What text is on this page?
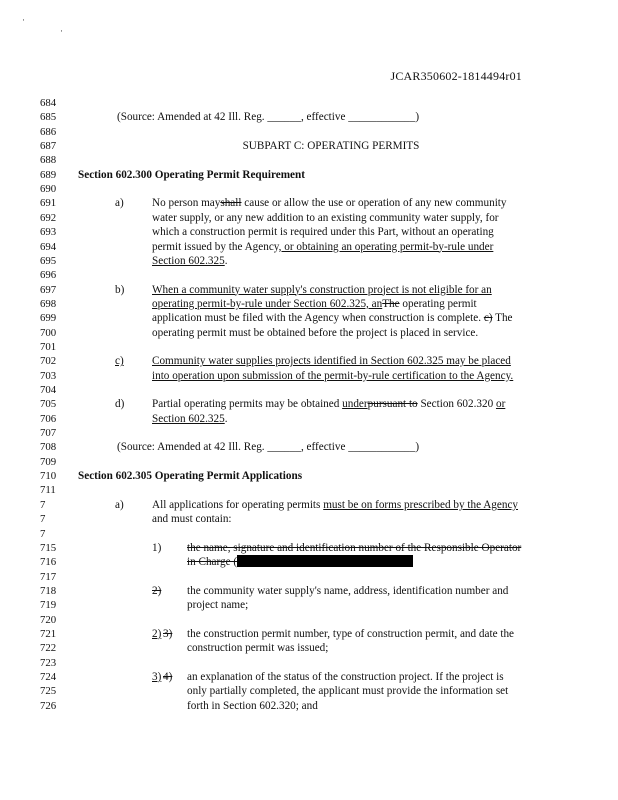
·
·
JCAR350602-1814494r01
684
685	(Source: Amended at 42 Ill. Reg. ______, effective ____________)
686
687	SUBPART C: OPERATING PERMITS
688
689	Section 602.300 Operating Permit Requirement
690
691	a)	No person mayshall cause or allow the use or operation of any new community
692	water supply, or any new addition to an existing community water supply, for
693	which a construction permit is required under this Part, without an operating
694	permit issued by the Agency, or obtaining an operating permit-by-rule under
695	Section 602.325.
696
697	b) When a community water supply's construction project is not eligible for an
698	operating permit-by-rule under Section 602.325, anThe operating permit
699	application must be filed with the Agency when construction is complete. c) The
700	operating permit must be obtained before the project is placed in service.
701
702	c)	Community water supplies projects identified in Section 602.325 may be placed
703	into operation upon submission of the permit-by-rule certification to the Agency.
704
705	d) Partial operating permits may be obtained underpursuant to Section 602.320 or
706	Section 602.325.
707
708	(Source: Amended at 42 Ill. Reg. ______, effective ____________)
709
710	Section 602.305 Operating Permit Applications
711
7	a)	All applications for operating permits must be on forms prescribed by the Agency
7	and must contain:
7
715	1) the name, signature and identification number of the Responsible Operator
716	in Charge (
717
718	2) the community water supply's name, address, identification number and
719	project name;
720
721	2) 3) the construction permit number, type of construction permit, and date the
722	construction permit was issued;
723
724	3) 4) an explanation of the status of the construction project. If the project is
725	only partially completed, the applicant must provide the information set
726	forth in Section 602.320; and
